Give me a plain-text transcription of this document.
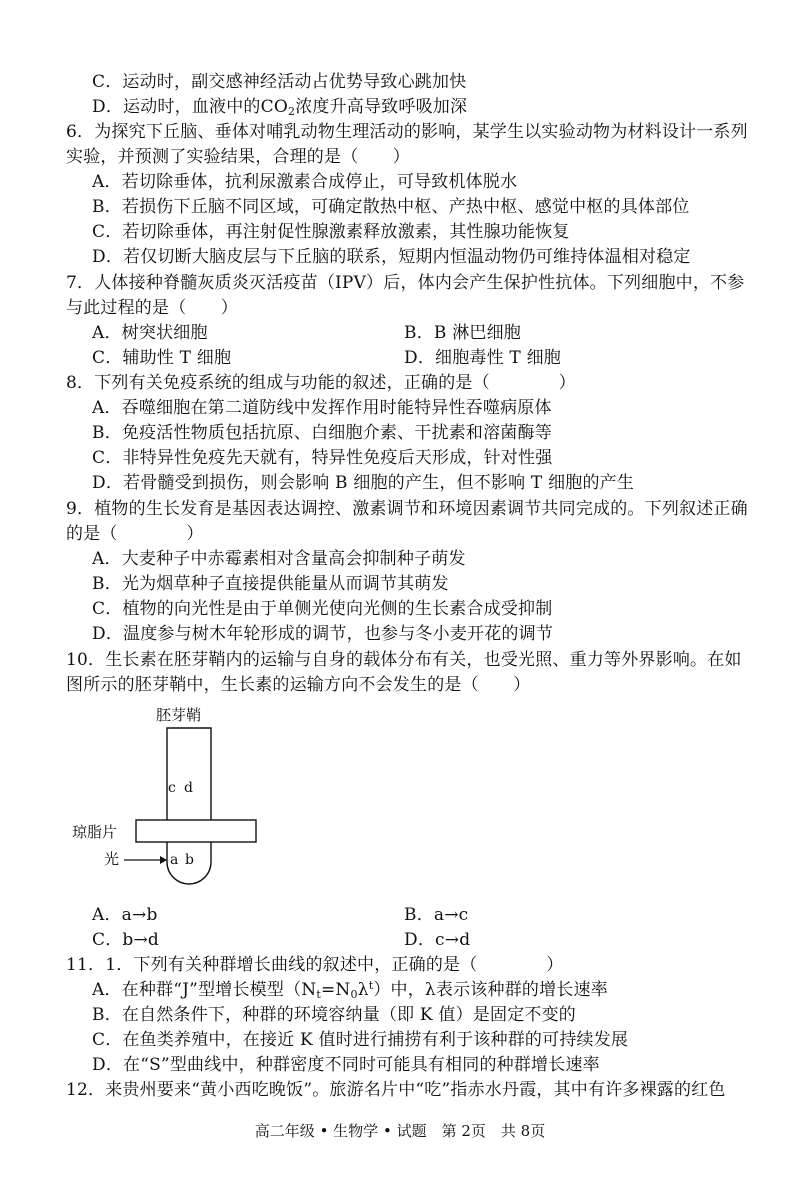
C．运动时，副交感神经活动占优势导致心跳加快
D．运动时，血液中的$CO_2$浓度升高导致呼吸加深
6．为探究下丘脑、垂体对哺乳动物生理活动的影响，某学生以实验动物为材料设计一系列
实验，并预测了实验结果，合理的是（　　）
A．若切除垂体，抗利尿激素合成停止，可导致机体脱水
B．若损伤下丘脑不同区域，可确定散热中枢、产热中枢、感觉中枢的具体部位
C．若切除垂体，再注射促性腺激素释放激素，其性腺功能恢复
D．若仅切断大脑皮层与下丘脑的联系，短期内恒温动物仍可维持体温相对稳定
7．人体接种脊髓灰质炎灭活疫苗（IPV）后，体内会产生保护性抗体。下列细胞中，不参
与此过程的是（　　）
A．树突状细胞	B．B 淋巴细胞
C．辅助性 T 细胞	D．细胞毒性 T 细胞
8．下列有关免疫系统的组成与功能的叙述，正确的是（　　　　）
A．吞噬细胞在第二道防线中发挥作用时能特异性吞噬病原体
B．免疫活性物质包括抗原、白细胞介素、干扰素和溶菌酶等
C．非特异性免疫先天就有，特异性免疫后天形成，针对性强
D．若骨髓受到损伤，则会影响 B 细胞的产生，但不影响 T 细胞的产生
9．植物的生长发育是基因表达调控、激素调节和环境因素调节共同完成的。下列叙述正确
的是（　　　　）
A．大麦种子中赤霉素相对含量高会抑制种子萌发
B．光为烟草种子直接提供能量从而调节其萌发
C．植物的向光性是由于单侧光使向光侧的生长素合成受抑制
D．温度参与树木年轮形成的调节，也参与冬小麦开花的调节
10．生长素在胚芽鞘内的运输与自身的载体分布有关，也受光照、重力等外界影响。在如
图所示的胚芽鞘中，生长素的运输方向不会发生的是（　　）
胚芽鞘
c d
a b
琼脂片
光
A．a→b	B．a→c
C．b→d	D．c→d
11．1．下列有关种群增长曲线的叙述中，正确的是（　　　　）
A．在种群“J”型增长模型$(N_t=N_0\lambda^t)$中，λ表示该种群的增长速率
B．在自然条件下，种群的环境容纳量（即 K 值）是固定不变的
C．在鱼类养殖中，在接近 K 值时进行捕捞有利于该种群的可持续发展
D．在“S”型曲线中，种群密度不同时可能具有相同的种群增长速率
12．来贵州要来“黄小西吃晚饭”。旅游名片中“吃”指赤水丹霞，其中有许多裸露的红色
高二年级 • 生物学 • 试题　第 2页　共 8页
